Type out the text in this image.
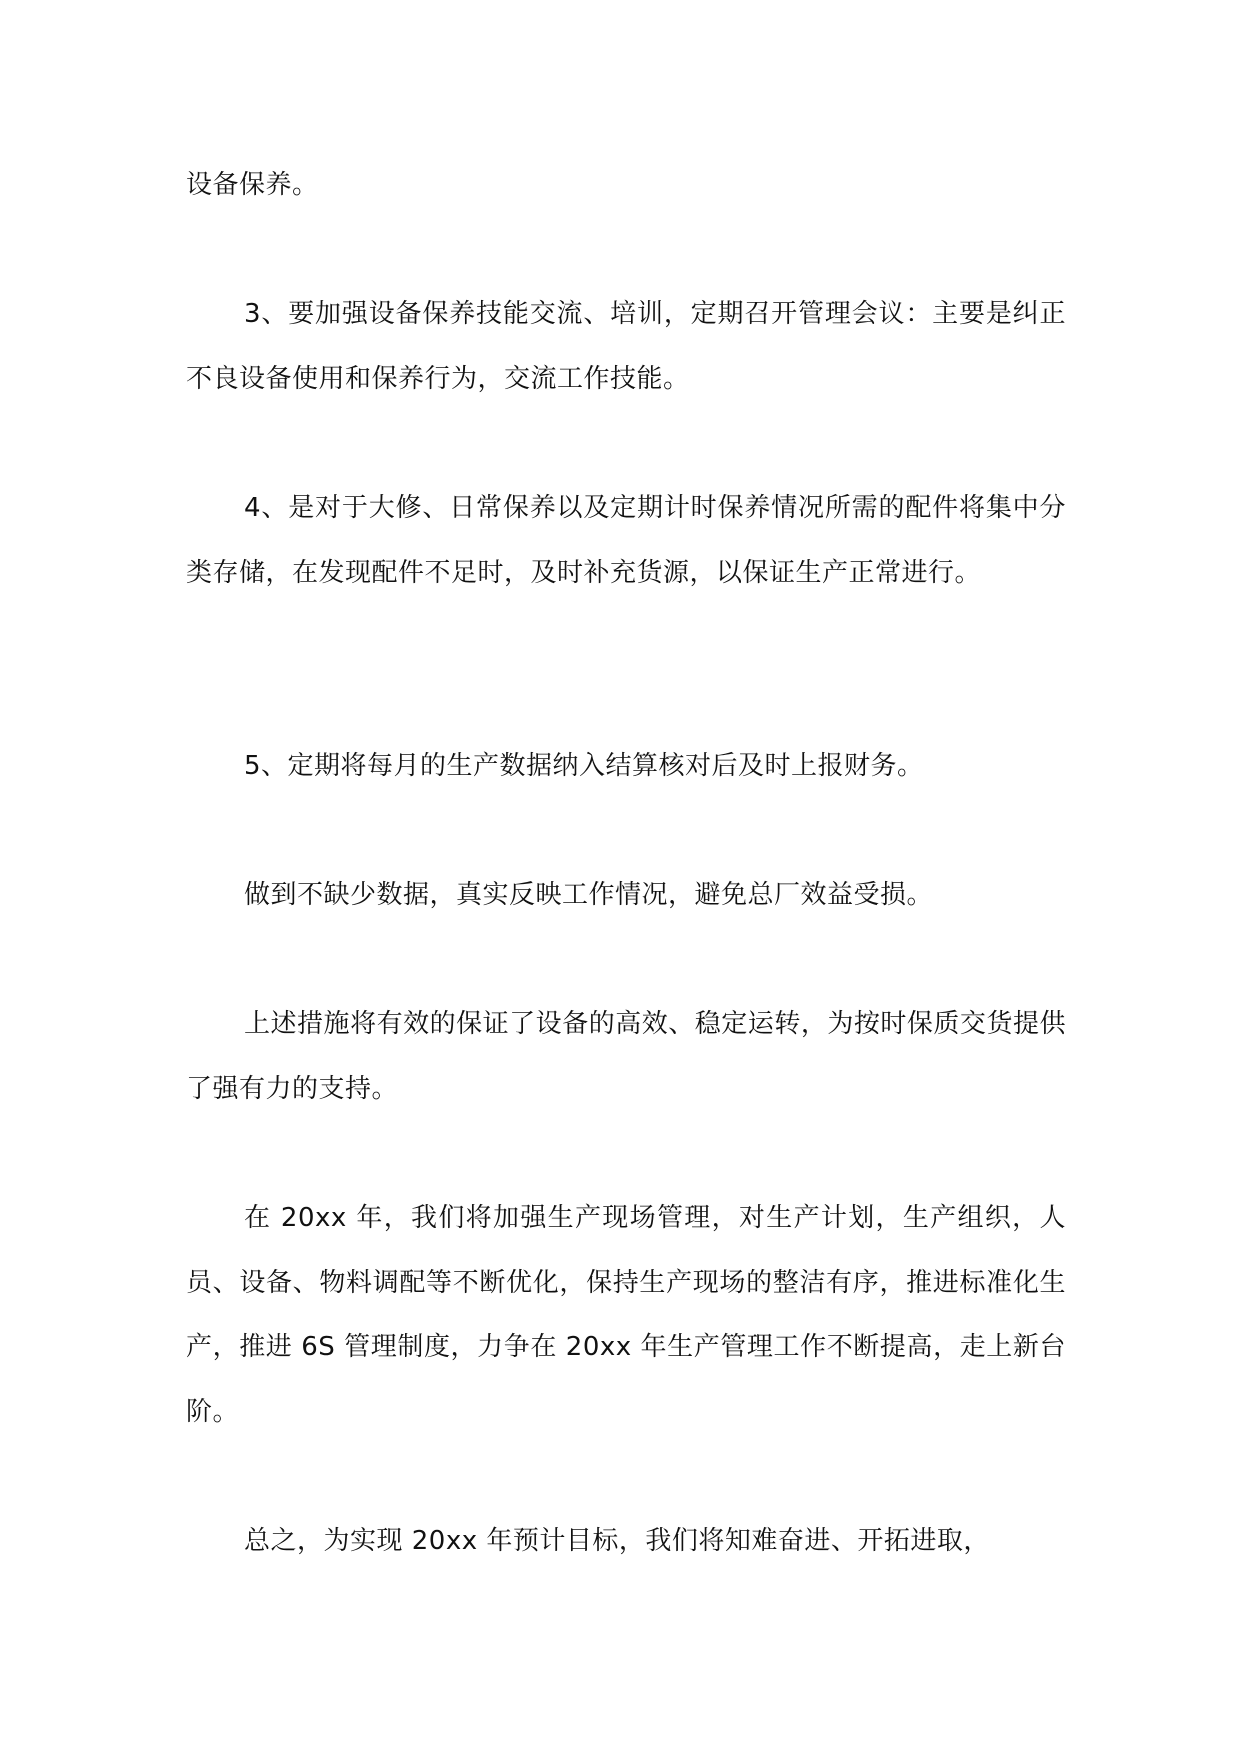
设备保养。

3、要加强设备保养技能交流、培训，定期召开管理会议：主要是纠正不良设备使用和保养行为，交流工作技能。

4、是对于大修、日常保养以及定期计时保养情况所需的配件将集中分类存储，在发现配件不足时，及时补充货源，以保证生产正常进行。

5、定期将每月的生产数据纳入结算核对后及时上报财务。

做到不缺少数据，真实反映工作情况，避免总厂效益受损。

上述措施将有效的保证了设备的高效、稳定运转，为按时保质交货提供了强有力的支持。

在 20xx 年，我们将加强生产现场管理，对生产计划，生产组织，人员、设备、物料调配等不断优化，保持生产现场的整洁有序，推进标准化生产，推进 6S 管理制度，力争在 20xx 年生产管理工作不断提高，走上新台阶。

总之，为实现 20xx 年预计目标，我们将知难奋进、开拓进取，
